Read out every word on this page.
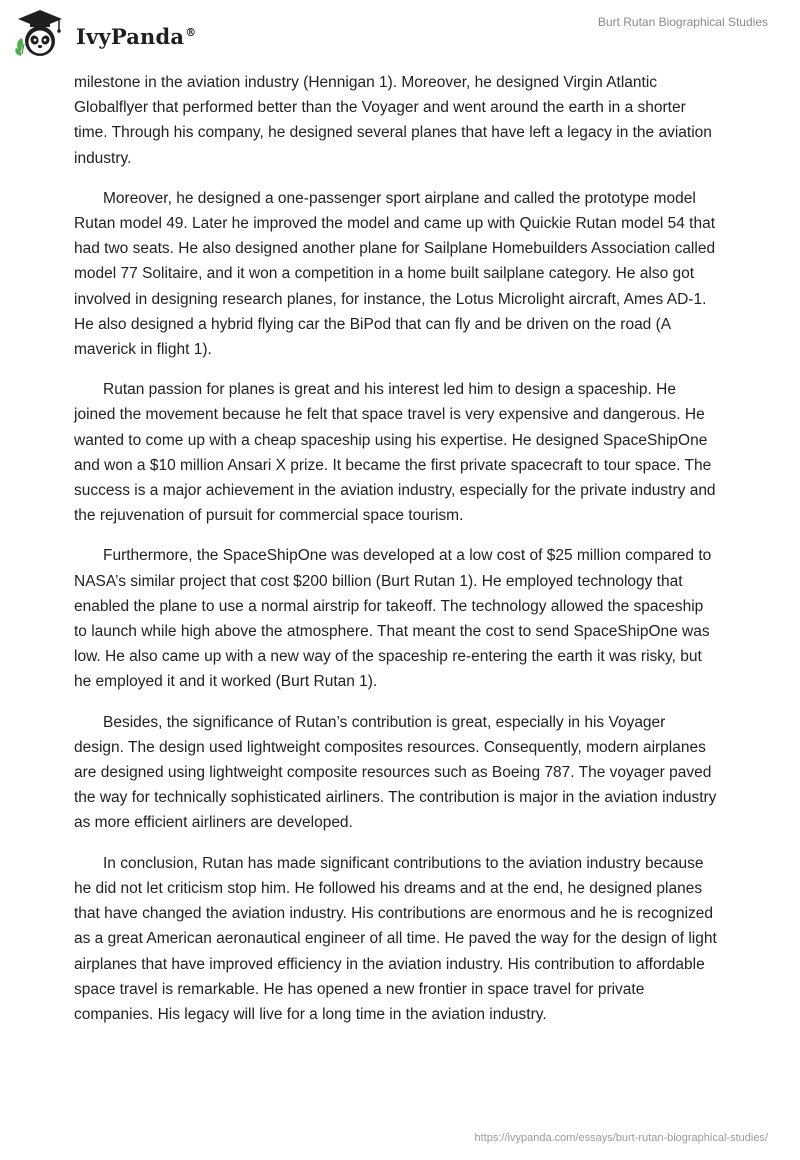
IvyPanda®
Burt Rutan Biographical Studies

milestone in the aviation industry (Hennigan 1). Moreover, he designed Virgin Atlantic Globalflyer that performed better than the Voyager and went around the earth in a shorter time. Through his company, he designed several planes that have left a legacy in the aviation industry.

Moreover, he designed a one-passenger sport airplane and called the prototype model Rutan model 49. Later he improved the model and came up with Quickie Rutan model 54 that had two seats. He also designed another plane for Sailplane Homebuilders Association called model 77 Solitaire, and it won a competition in a home built sailplane category. He also got involved in designing research planes, for instance, the Lotus Microlight aircraft, Ames AD-1. He also designed a hybrid flying car the BiPod that can fly and be driven on the road (A maverick in flight 1).

Rutan passion for planes is great and his interest led him to design a spaceship. He joined the movement because he felt that space travel is very expensive and dangerous. He wanted to come up with a cheap spaceship using his expertise. He designed SpaceShipOne and won a $10 million Ansari X prize. It became the first private spacecraft to tour space. The success is a major achievement in the aviation industry, especially for the private industry and the rejuvenation of pursuit for commercial space tourism.

Furthermore, the SpaceShipOne was developed at a low cost of $25 million compared to NASA’s similar project that cost $200 billion (Burt Rutan 1). He employed technology that enabled the plane to use a normal airstrip for takeoff. The technology allowed the spaceship to launch while high above the atmosphere. That meant the cost to send SpaceShipOne was low. He also came up with a new way of the spaceship re-entering the earth it was risky, but he employed it and it worked (Burt Rutan 1).

Besides, the significance of Rutan’s contribution is great, especially in his Voyager design. The design used lightweight composites resources. Consequently, modern airplanes are designed using lightweight composite resources such as Boeing 787. The voyager paved the way for technically sophisticated airliners. The contribution is major in the aviation industry as more efficient airliners are developed.

In conclusion, Rutan has made significant contributions to the aviation industry because he did not let criticism stop him. He followed his dreams and at the end, he designed planes that have changed the aviation industry. His contributions are enormous and he is recognized as a great American aeronautical engineer of all time. He paved the way for the design of light airplanes that have improved efficiency in the aviation industry. His contribution to affordable space travel is remarkable. He has opened a new frontier in space travel for private companies. His legacy will live for a long time in the aviation industry.

https://ivypanda.com/essays/burt-rutan-biographical-studies/
